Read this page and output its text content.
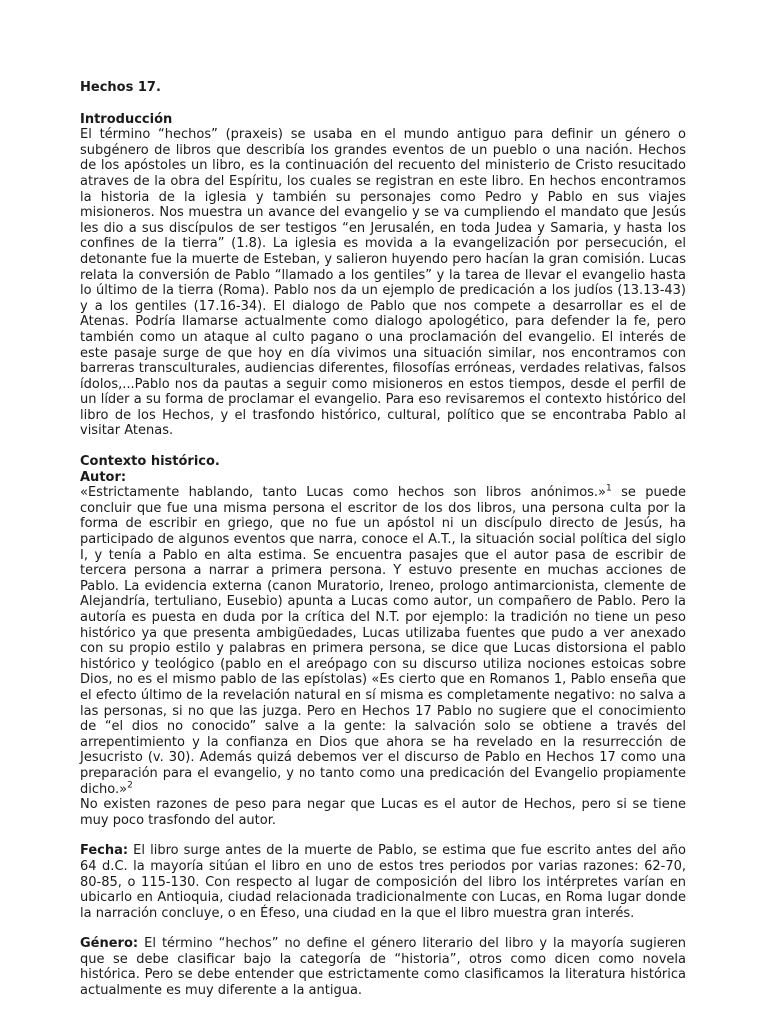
Hechos 17.
Introducción

El término “hechos” (praxeis) se usaba en el mundo antiguo para definir un género o subgénero de libros que describía los grandes eventos de un pueblo o una nación. Hechos de los apóstoles un libro, es la continuación del recuento del ministerio de Cristo resucitado atraves de la obra del Espíritu, los cuales se registran en este libro. En hechos encontramos la historia de la iglesia y también su personajes como Pedro y Pablo en sus viajes misioneros. Nos muestra un avance del evangelio y se va cumpliendo el mandato que Jesús les dio a sus discípulos de ser testigos “en Jerusalén, en toda Judea y Samaria, y hasta los confines de la tierra” (1.8). La iglesia es movida a la evangelización por persecución, el detonante fue la muerte de Esteban, y salieron huyendo pero hacían la gran comisión. Lucas relata la conversión de Pablo “llamado a los gentiles” y la tarea de llevar el evangelio hasta lo último de la tierra (Roma). Pablo nos da un ejemplo de predicación a los judíos (13.13-43) y a los gentiles (17.16-34). El dialogo de Pablo que nos compete a desarrollar es el de Atenas. Podría llamarse actualmente como dialogo apologético, para defender la fe, pero también como un ataque al culto pagano o una proclamación del evangelio. El interés de este pasaje surge de que hoy en día vivimos una situación similar, nos encontramos con barreras transculturales, audiencias diferentes, filosofías erróneas, verdades relativas, falsos ídolos,...Pablo nos da pautas a seguir como misioneros en estos tiempos, desde el perfil de un líder a su forma de proclamar el evangelio. Para eso revisaremos el contexto histórico del libro de los Hechos, y el trasfondo histórico, cultural, político que se encontraba Pablo al visitar Atenas.

Contexto histórico.
Autor:

«Estrictamente hablando, tanto Lucas como hechos son libros anónimos.»$^1$ se puede concluir que fue una misma persona el escritor de los dos libros, una persona culta por la forma de escribir en griego, que no fue un apóstol ni un discípulo directo de Jesús, ha participado de algunos eventos que narra, conoce el A.T., la situación social política del siglo I, y tenía a Pablo en alta estima. Se encuentra pasajes que el autor pasa de escribir de tercera persona a narrar a primera persona. Y estuvo presente en muchas acciones de Pablo. La evidencia externa (canon Muratorio, Ireneo, prologo antimarcionista, clemente de Alejandría, tertuliano, Eusebio) apunta a Lucas como autor, un compañero de Pablo. Pero la autoría es puesta en duda por la crítica del N.T. por ejemplo: la tradición no tiene un peso histórico ya que presenta ambigüedades, Lucas utilizaba fuentes que pudo a ver anexado con su propio estilo y palabras en primera persona, se dice que Lucas distorsiona el pablo histórico y teológico (pablo en el areópago con su discurso utiliza nociones estoicas sobre Dios, no es el mismo pablo de las epístolas) «Es cierto que en Romanos 1, Pablo enseña que el efecto último de la revelación natural en sí misma es completamente negativo: no salva a las personas, si no que las juzga. Pero en Hechos 17 Pablo no sugiere que el conocimiento de “el dios no conocido” salve a la gente: la salvación solo se obtiene a través del arrepentimiento y la confianza en Dios que ahora se ha revelado en la resurrección de Jesucristo (v. 30). Además quizá debemos ver el discurso de Pablo en Hechos 17 como una preparación para el evangelio, y no tanto como una predicación del Evangelio propiamente dicho.»$^2$

No existen razones de peso para negar que Lucas es el autor de Hechos, pero si se tiene muy poco trasfondo del autor.

Fecha: El libro surge antes de la muerte de Pablo, se estima que fue escrito antes del año 64 d.C. la mayoría sitúan el libro en uno de estos tres periodos por varias razones: 62-70, 80-85, o 115-130. Con respecto al lugar de composición del libro los intérpretes varían en ubicarlo en Antioquia, ciudad relacionada tradicionalmente con Lucas, en Roma lugar donde la narración concluye, o en Éfeso, una ciudad en la que el libro muestra gran interés.

Género: El término “hechos” no define el género literario del libro y la mayoría sugieren que se debe clasificar bajo la categoría de “historia”, otros como dicen como novela histórica. Pero se debe entender que estrictamente como clasificamos la literatura histórica actualmente es muy diferente a la antigua.
